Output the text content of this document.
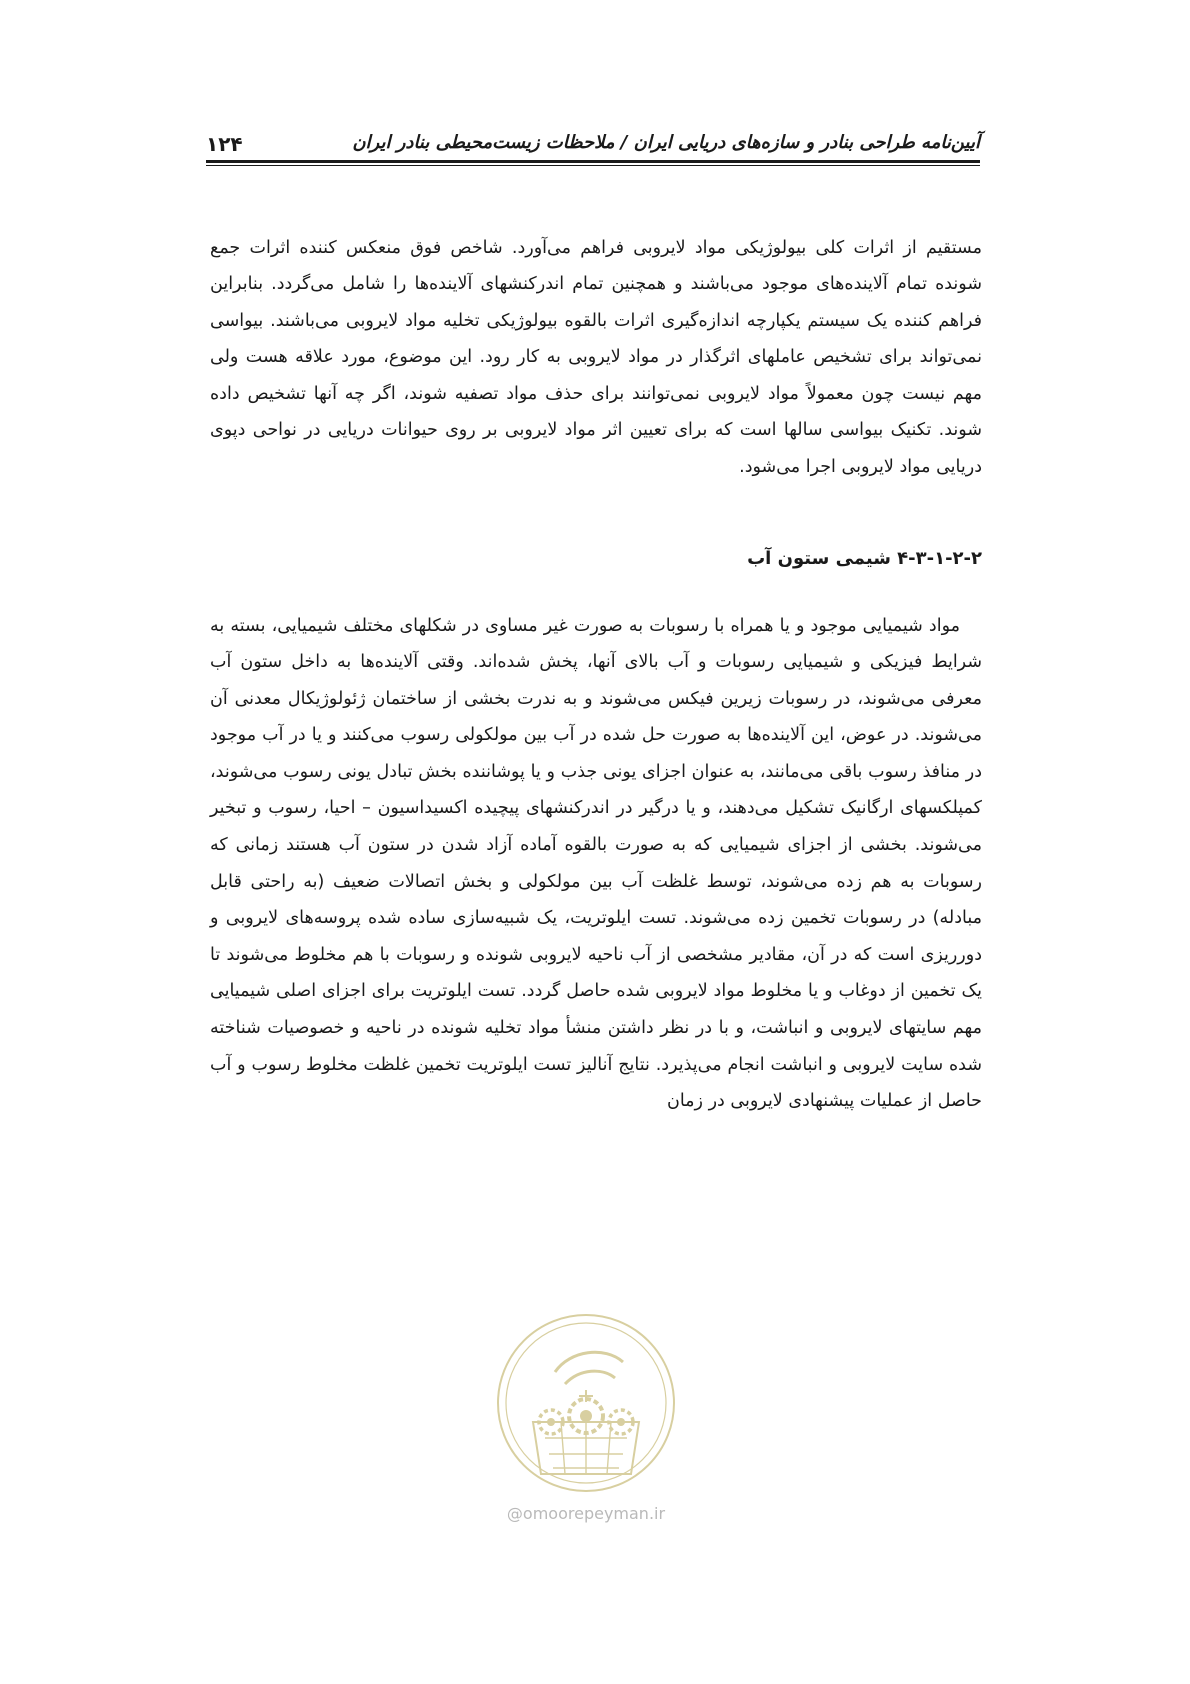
آیین‌نامه طراحی بنادر و سازه‌های دریایی ایران / ملاحظات زیست‌محیطی بنادر ایران
۱۲۴

مستقیم از اثرات کلی بیولوژیکی مواد لایروبی فراهم می‌آورد. شاخص فوق منعکس کننده اثرات جمع شونده تمام آلاینده‌های موجود می‌باشند و همچنین تمام اندرکنشهای آلاینده‌ها را شامل می‌گردد. بنابراین فراهم کننده یک سیستم یکپارچه اندازه‌گیری اثرات بالقوه بیولوژیکی تخلیه مواد لایروبی می‌باشند. بیواسی نمی‌تواند برای تشخیص عاملهای اثرگذار در مواد لایروبی به کار رود. این موضوع، مورد علاقه هست ولی مهم نیست چون معمولاً مواد لایروبی نمی‌توانند برای حذف مواد تصفیه شوند، اگر چه آنها تشخیص داده شوند. تکنیک بیواسی سالها است که برای تعیین اثر مواد لایروبی بر روی حیوانات دریایی در نواحی دپوی دریایی مواد لایروبی اجرا می‌شود.

۴-۳-۱-۲-۲ شیمی ستون آب

مواد شیمیایی موجود و یا همراه با رسوبات به صورت غیر مساوی در شکلهای مختلف شیمیایی، بسته به شرایط فیزیکی و شیمیایی رسوبات و آب بالای آنها، پخش شده‌اند. وقتی آلاینده‌ها به داخل ستون آب معرفی می‌شوند، در رسوبات زیرین فیکس می‌شوند و به ندرت بخشی از ساختمان ژئولوژیکال معدنی آن می‌شوند. در عوض، این آلاینده‌ها به صورت حل شده در آب بین مولکولی رسوب می‌کنند و یا در آب موجود در منافذ رسوب باقی می‌مانند، به عنوان اجزای یونی جذب و یا پوشاننده بخش تبادل یونی رسوب می‌شوند، کمپلکسهای ارگانیک تشکیل می‌دهند، و یا درگیر در اندرکنشهای پیچیده اکسیداسیون – احیا، رسوب و تبخیر می‌شوند. بخشی از اجزای شیمیایی که به صورت بالقوه آماده آزاد شدن در ستون آب هستند زمانی که رسوبات به هم زده می‌شوند، توسط غلظت آب بین مولکولی و بخش اتصالات ضعیف (به راحتی قابل مبادله) در رسوبات تخمین زده می‌شوند. تست ایلوتریت، یک شبیه‌سازی ساده شده پروسه‌های لایروبی و دورریزی است که در آن، مقادیر مشخصی از آب ناحیه لایروبی شونده و رسوبات با هم مخلوط می‌شوند تا یک تخمین از دوغاب و یا مخلوط مواد لایروبی شده حاصل گردد. تست ایلوتریت برای اجزای اصلی شیمیایی مهم سایتهای لایروبی و انباشت، و با در نظر داشتن منشأ مواد تخلیه شونده در ناحیه و خصوصیات شناخته شده سایت لایروبی و انباشت انجام می‌پذیرد. نتایج آنالیز تست ایلوتریت تخمین غلظت مخلوط رسوب و آب حاصل از عملیات پیشنهادی لایروبی در زمان

@omoorepeyman.ir
